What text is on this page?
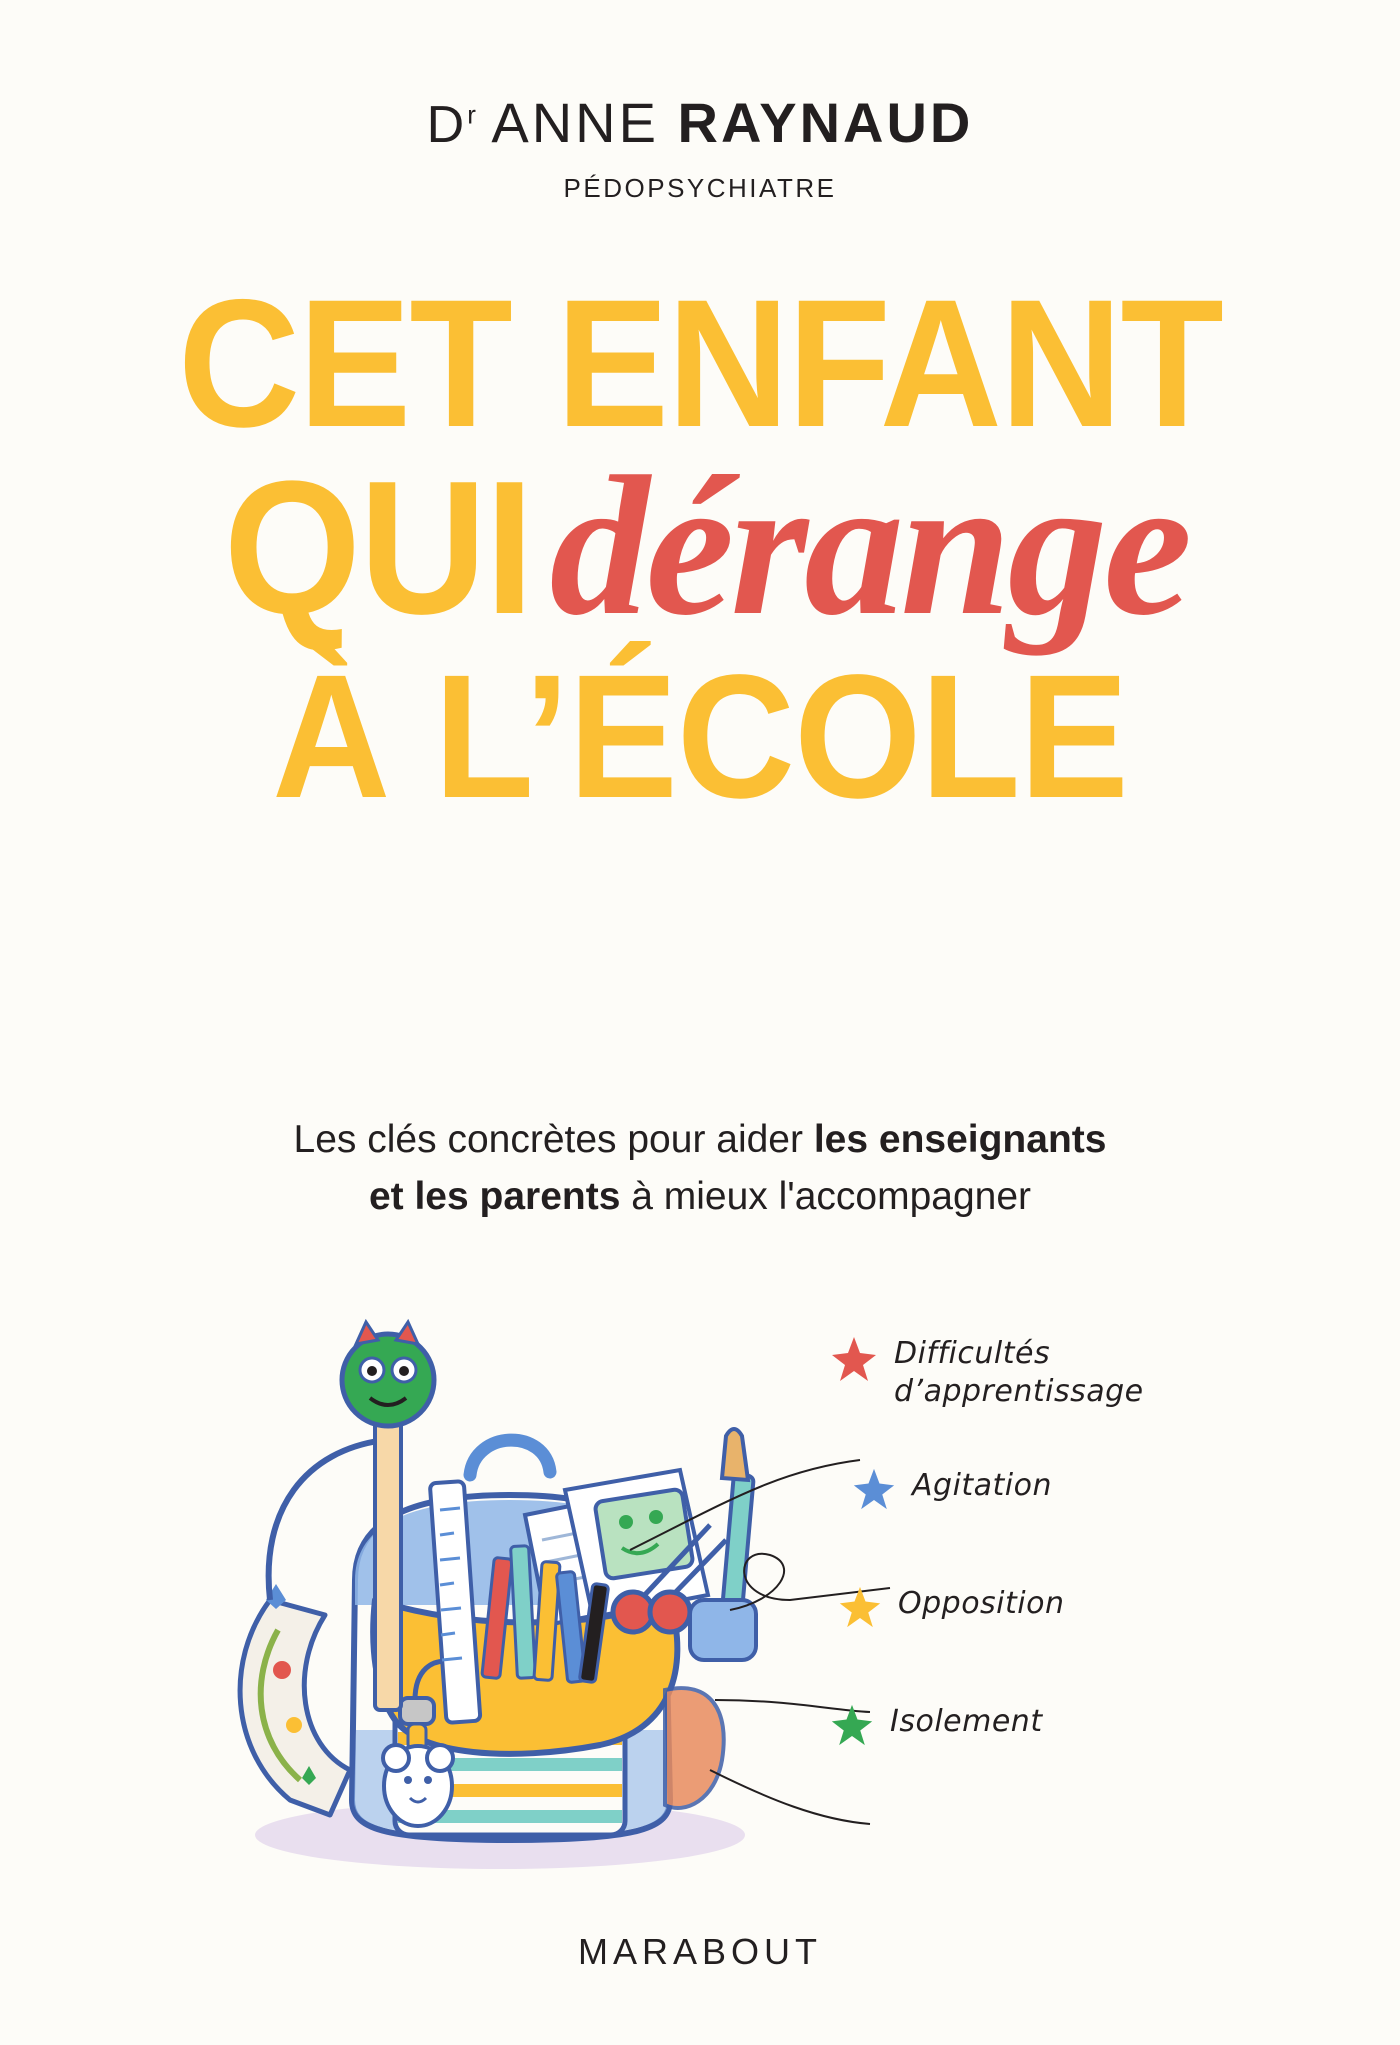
$D^r$ ANNE RAYNAUD
PÉDOPSYCHIATRE
CET ENFANT
QUIdérange
À L’ÉCOLE
Les clés concrètes pour aider les enseignants
et les parents à mieux l'accompagner
Difficultés
d’apprentissage
Agitation
Opposition
Isolement
MARABOUT
